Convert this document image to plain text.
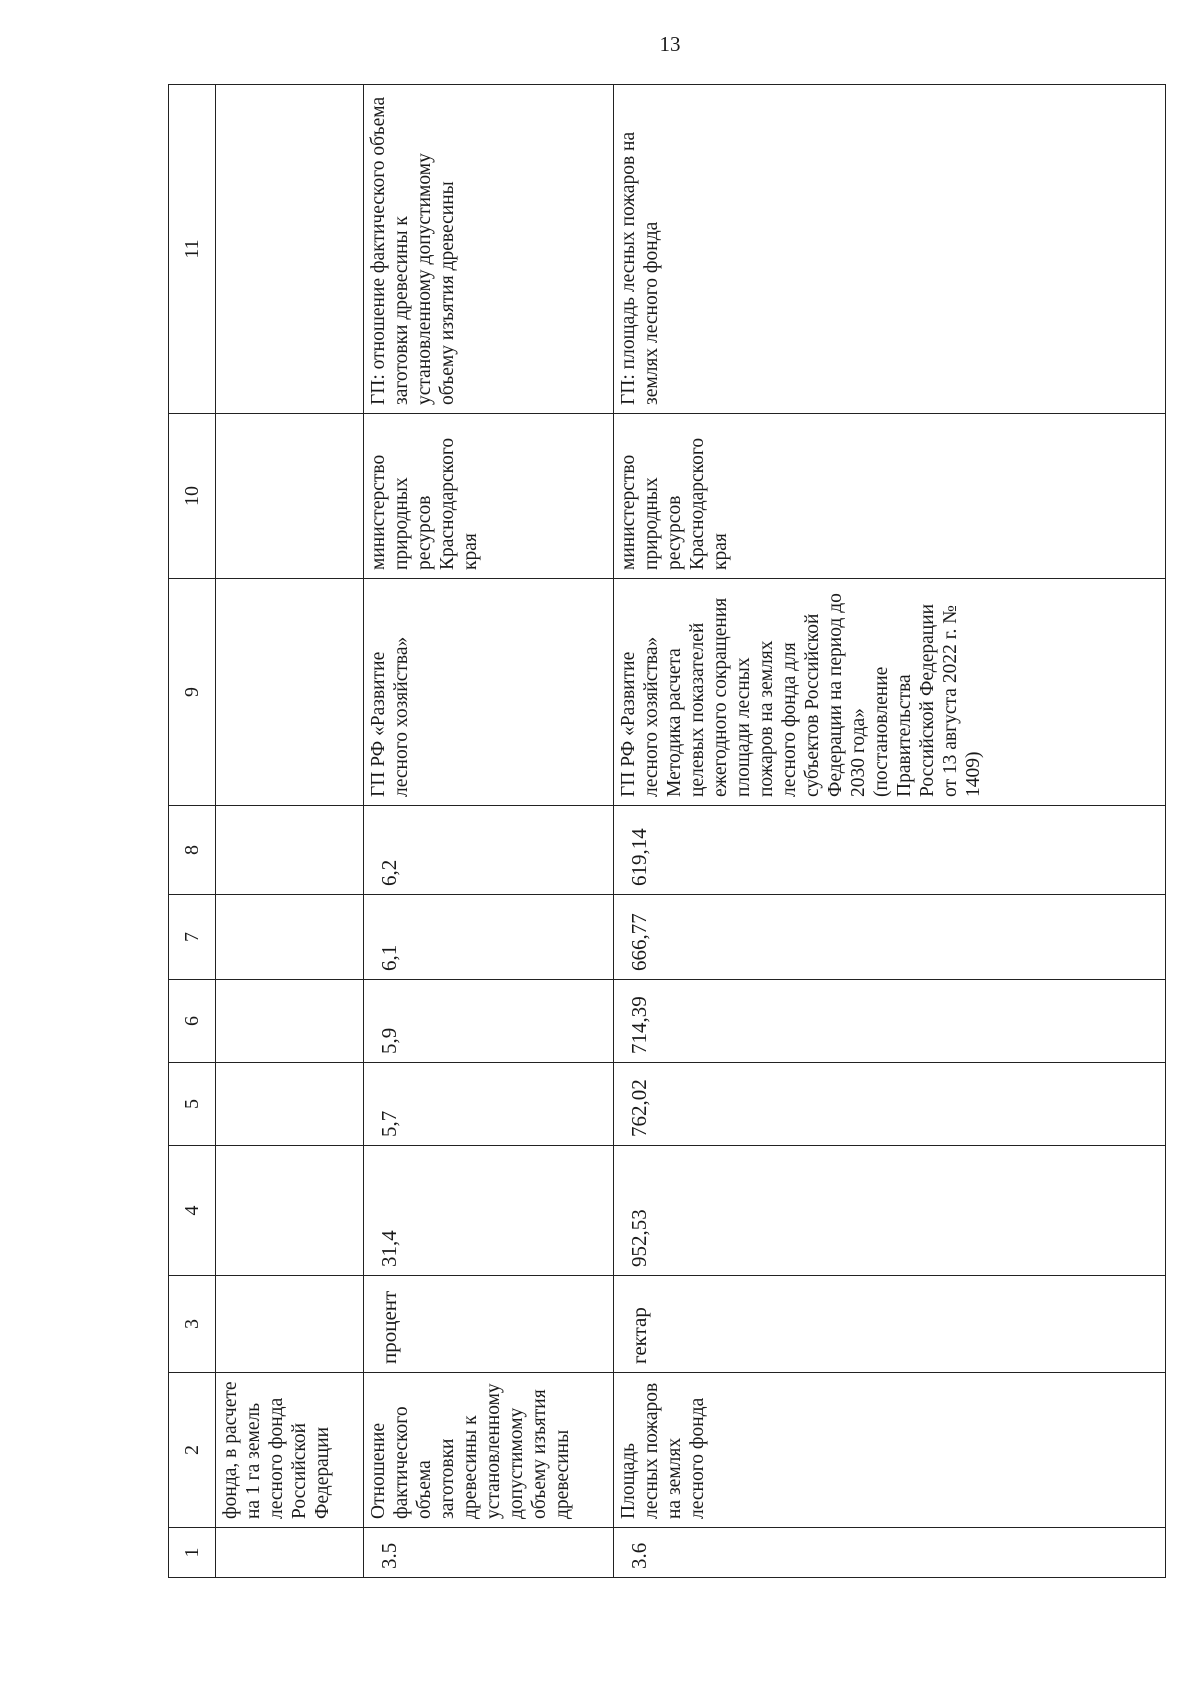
13
1	2	3	4	5	6	7	8	9	10	11
	фонда, в расчете на 1 га земель лесного фонда Российской Федерации									
3.5	Отношение фактического объема заготовки древесины к установленному допустимому объему изъятия древесины	процент	31,4	5,7	5,9	6,1	6,2	ГП РФ «Развитие лесного хозяйства»	министерство природных ресурсов Краснодарского края	ГП: отношение фактического объема заготовки древесины к установленному допустимому объему изъятия древесины
3.6	Площадь лесных пожаров на землях лесного фонда	гектар	952,53	762,02	714,39	666,77	619,14	ГП РФ «Развитие лесного хозяйства» Методика расчета целевых показателей ежегодного сокращения площади лесных пожаров на землях лесного фонда для субъектов Российской Федерации на период до 2030 года» (постановление Правительства Российской Федерации от 13 августа 2022 г. № 1409)	министерство природных ресурсов Краснодарского края	ГП: площадь лесных пожаров на землях лесного фонда
